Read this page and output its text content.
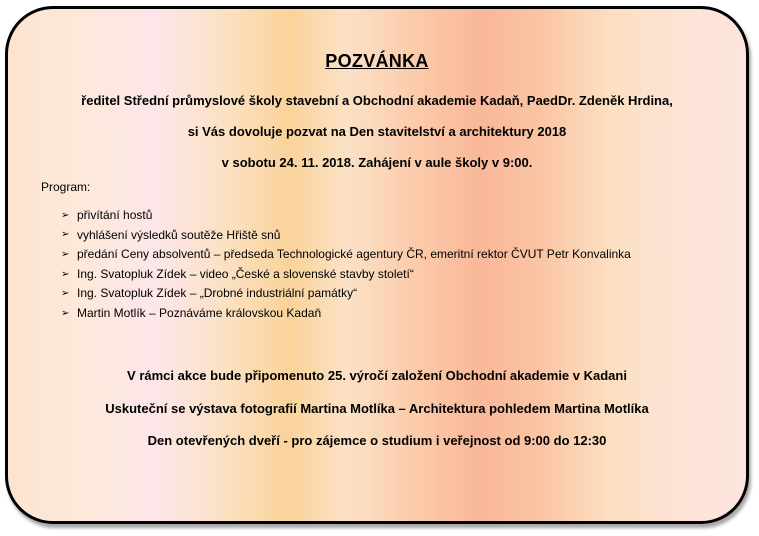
POZVÁNKA
ředitel Střední průmyslové školy stavební a Obchodní akademie Kadaň, PaedDr. Zdeněk Hrdina,
si Vás dovoluje pozvat na Den stavitelství a architektury 2018
v sobotu 24. 11. 2018. Zahájení v aule školy v 9:00.
Program:
➢ přivítání hostů
➢ vyhlášení výsledků soutěže Hřiště snů
➢ předání Ceny absolventů – předseda Technologické agentury ČR, emeritní rektor ČVUT Petr Konvalinka
➢ Ing. Svatopluk Zídek – video „České a slovenské stavby století“
➢ Ing. Svatopluk Zídek – „Drobné industriální památky“
➢ Martin Motlík – Poznáváme královskou Kadaň
V rámci akce bude připomenuto 25. výročí založení Obchodní akademie v Kadani
Uskuteční se výstava fotografií Martina Motlíka – Architektura pohledem Martina Motlíka
Den otevřených dveří - pro zájemce o studium i veřejnost od 9:00 do 12:30
